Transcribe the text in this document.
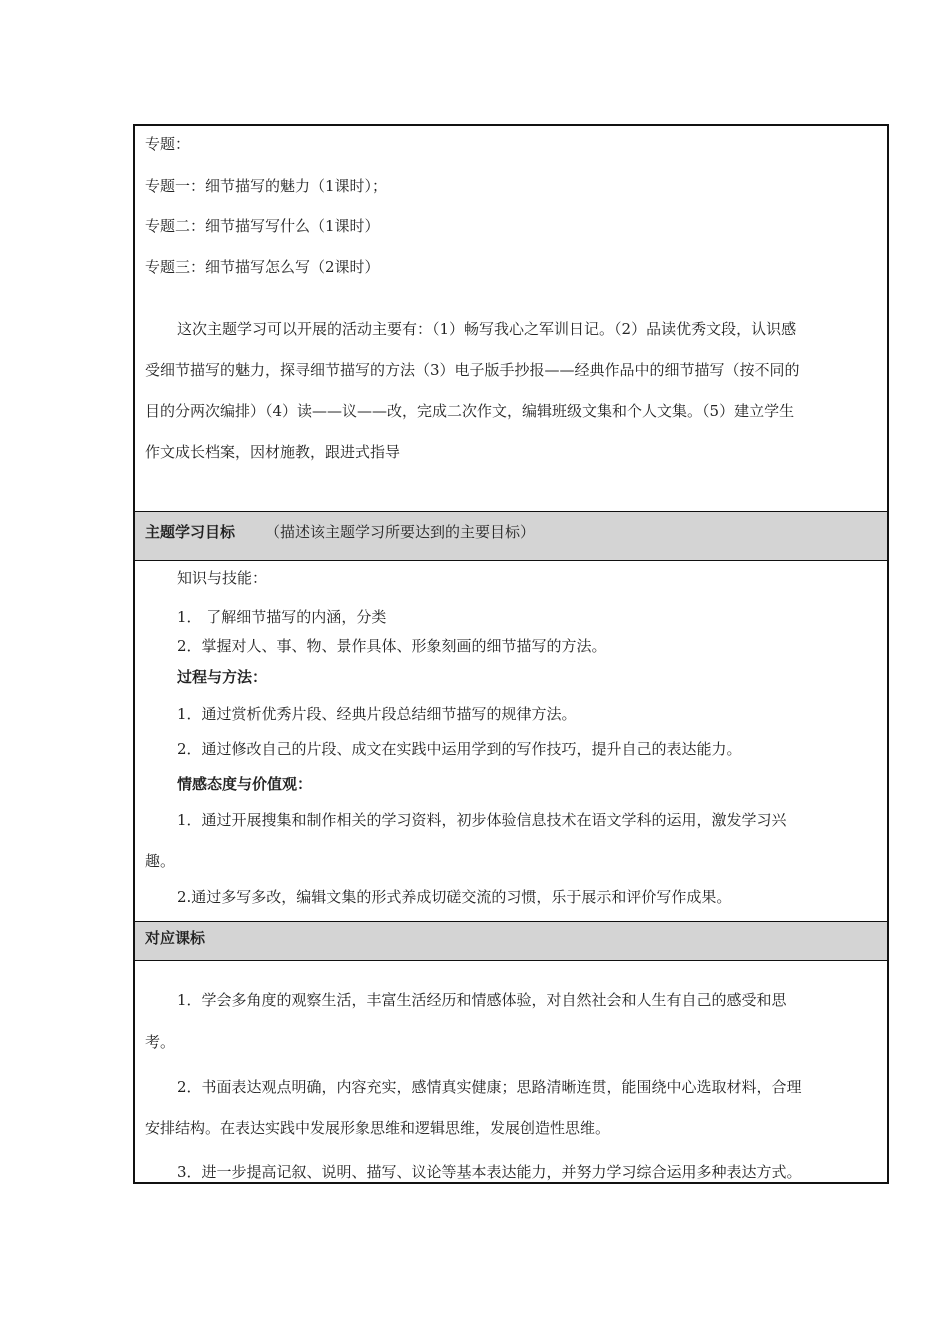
专题：
专题一：细节描写的魅力（1课时）；
专题二：细节描写写什么（1课时）
专题三：细节描写怎么写（2课时）
这次主题学习可以开展的活动主要有：（1）畅写我心之军训日记。（2）品读优秀文段，认识感
受细节描写的魅力，探寻细节描写的方法（3）电子版手抄报——经典作品中的细节描写（按不同的
目的分两次编排）（4）读——议——改，完成二次作文，编辑班级文集和个人文集。（5）建立学生
作文成长档案，因材施教，跟进式指导
主题学习目标 （描述该主题学习所要达到的主要目标）
知识与技能：
1． 了解细节描写的内涵，分类
2．掌握对人、事、物、景作具体、形象刻画的细节描写的方法。
过程与方法：
1．通过赏析优秀片段、经典片段总结细节描写的规律方法。
2．通过修改自己的片段、成文在实践中运用学到的写作技巧，提升自己的表达能力。
情感态度与价值观：
1．通过开展搜集和制作相关的学习资料，初步体验信息技术在语文学科的运用，激发学习兴
趣。
2.通过多写多改，编辑文集的形式养成切磋交流的习惯，乐于展示和评价写作成果。
对应课标
1．学会多角度的观察生活，丰富生活经历和情感体验，对自然社会和人生有自己的感受和思
考。
2．书面表达观点明确，内容充实，感情真实健康；思路清晰连贯，能围绕中心选取材料，合理
安排结构。在表达实践中发展形象思维和逻辑思维，发展创造性思维。
3．进一步提高记叙、说明、描写、议论等基本表达能力，并努力学习综合运用多种表达方式。
